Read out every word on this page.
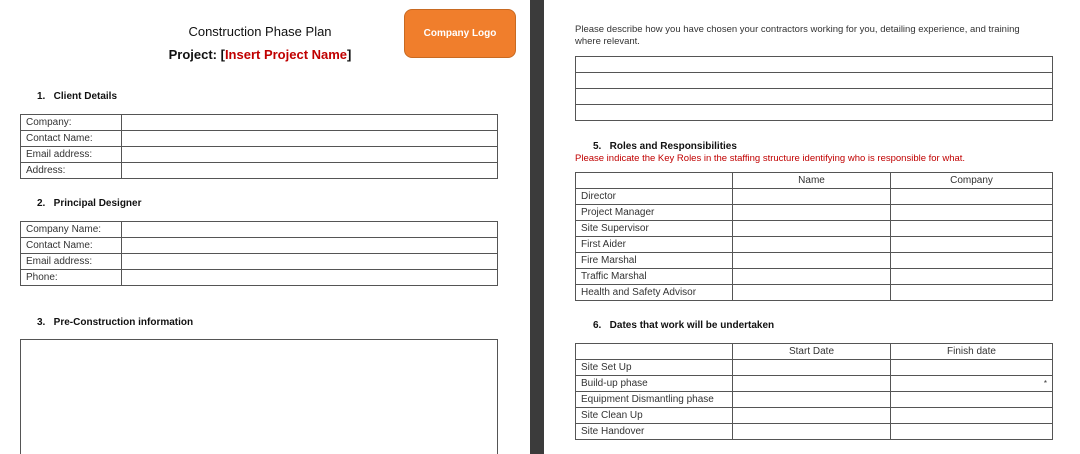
Construction Phase Plan
Project: [Insert Project Name]
Company Logo
1.   Client Details
Company:	
Contact Name:	
Email address:	
Address:	
2.   Principal Designer
Company Name:	
Contact Name:	
Email address:	
Phone:	
3.   Pre-Construction information
Please describe how you have chosen your contractors working for you, detailing experience, and training where relevant.

5.   Roles and Responsibilities
Please indicate the Key Roles in the staffing structure identifying who is responsible for what.
	Name	Company
Director		
Project Manager		
Site Supervisor		
First Aider		
Fire Marshal		
Traffic Marshal		
Health and Safety Advisor		
6.   Dates that work will be undertaken
	Start Date	Finish date
Site Set Up		
Build-up phase		*
Equipment Dismantling phase		
Site Clean Up		
Site Handover		
